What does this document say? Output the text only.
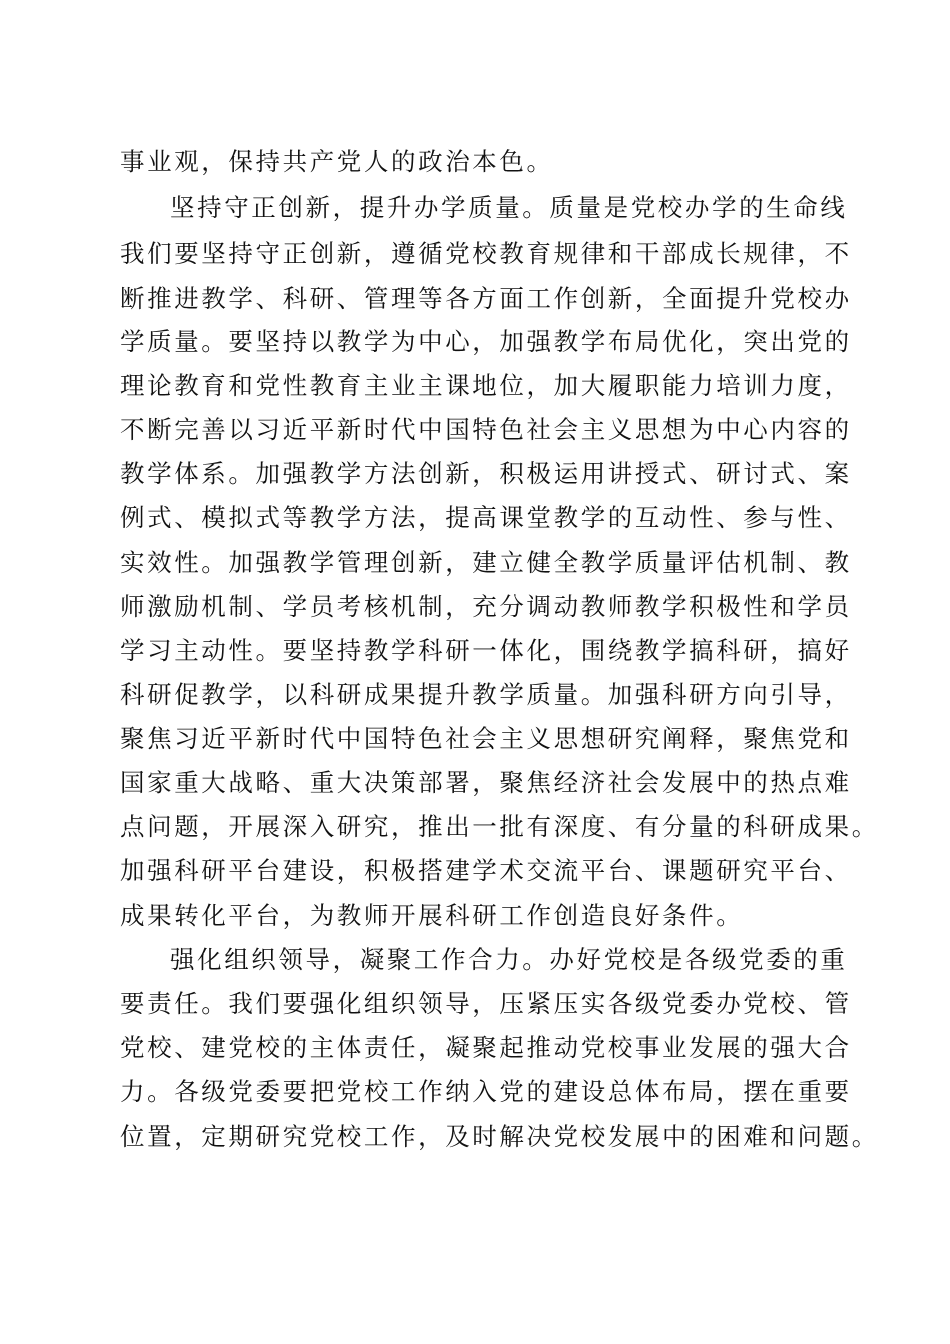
事业观，保持共产党人的政治本色。

坚持守正创新，提升办学质量。质量是党校办学的生命线

我们要坚持守正创新，遵循党校教育规律和干部成长规律，不

断推进教学、科研、管理等各方面工作创新，全面提升党校办

学质量。要坚持以教学为中心，加强教学布局优化，突出党的

理论教育和党性教育主业主课地位，加大履职能力培训力度，

不断完善以习近平新时代中国特色社会主义思想为中心内容的

教学体系。加强教学方法创新，积极运用讲授式、研讨式、案

例式、模拟式等教学方法，提高课堂教学的互动性、参与性、

实效性。加强教学管理创新，建立健全教学质量评估机制、教

师激励机制、学员考核机制，充分调动教师教学积极性和学员

学习主动性。要坚持教学科研一体化，围绕教学搞科研，搞好

科研促教学，以科研成果提升教学质量。加强科研方向引导，

聚焦习近平新时代中国特色社会主义思想研究阐释，聚焦党和

国家重大战略、重大决策部署，聚焦经济社会发展中的热点难

点问题，开展深入研究，推出一批有深度、有分量的科研成果。

加强科研平台建设，积极搭建学术交流平台、课题研究平台、

成果转化平台，为教师开展科研工作创造良好条件。

强化组织领导，凝聚工作合力。办好党校是各级党委的重

要责任。我们要强化组织领导，压紧压实各级党委办党校、管

党校、建党校的主体责任，凝聚起推动党校事业发展的强大合

力。各级党委要把党校工作纳入党的建设总体布局，摆在重要

位置，定期研究党校工作，及时解决党校发展中的困难和问题。
